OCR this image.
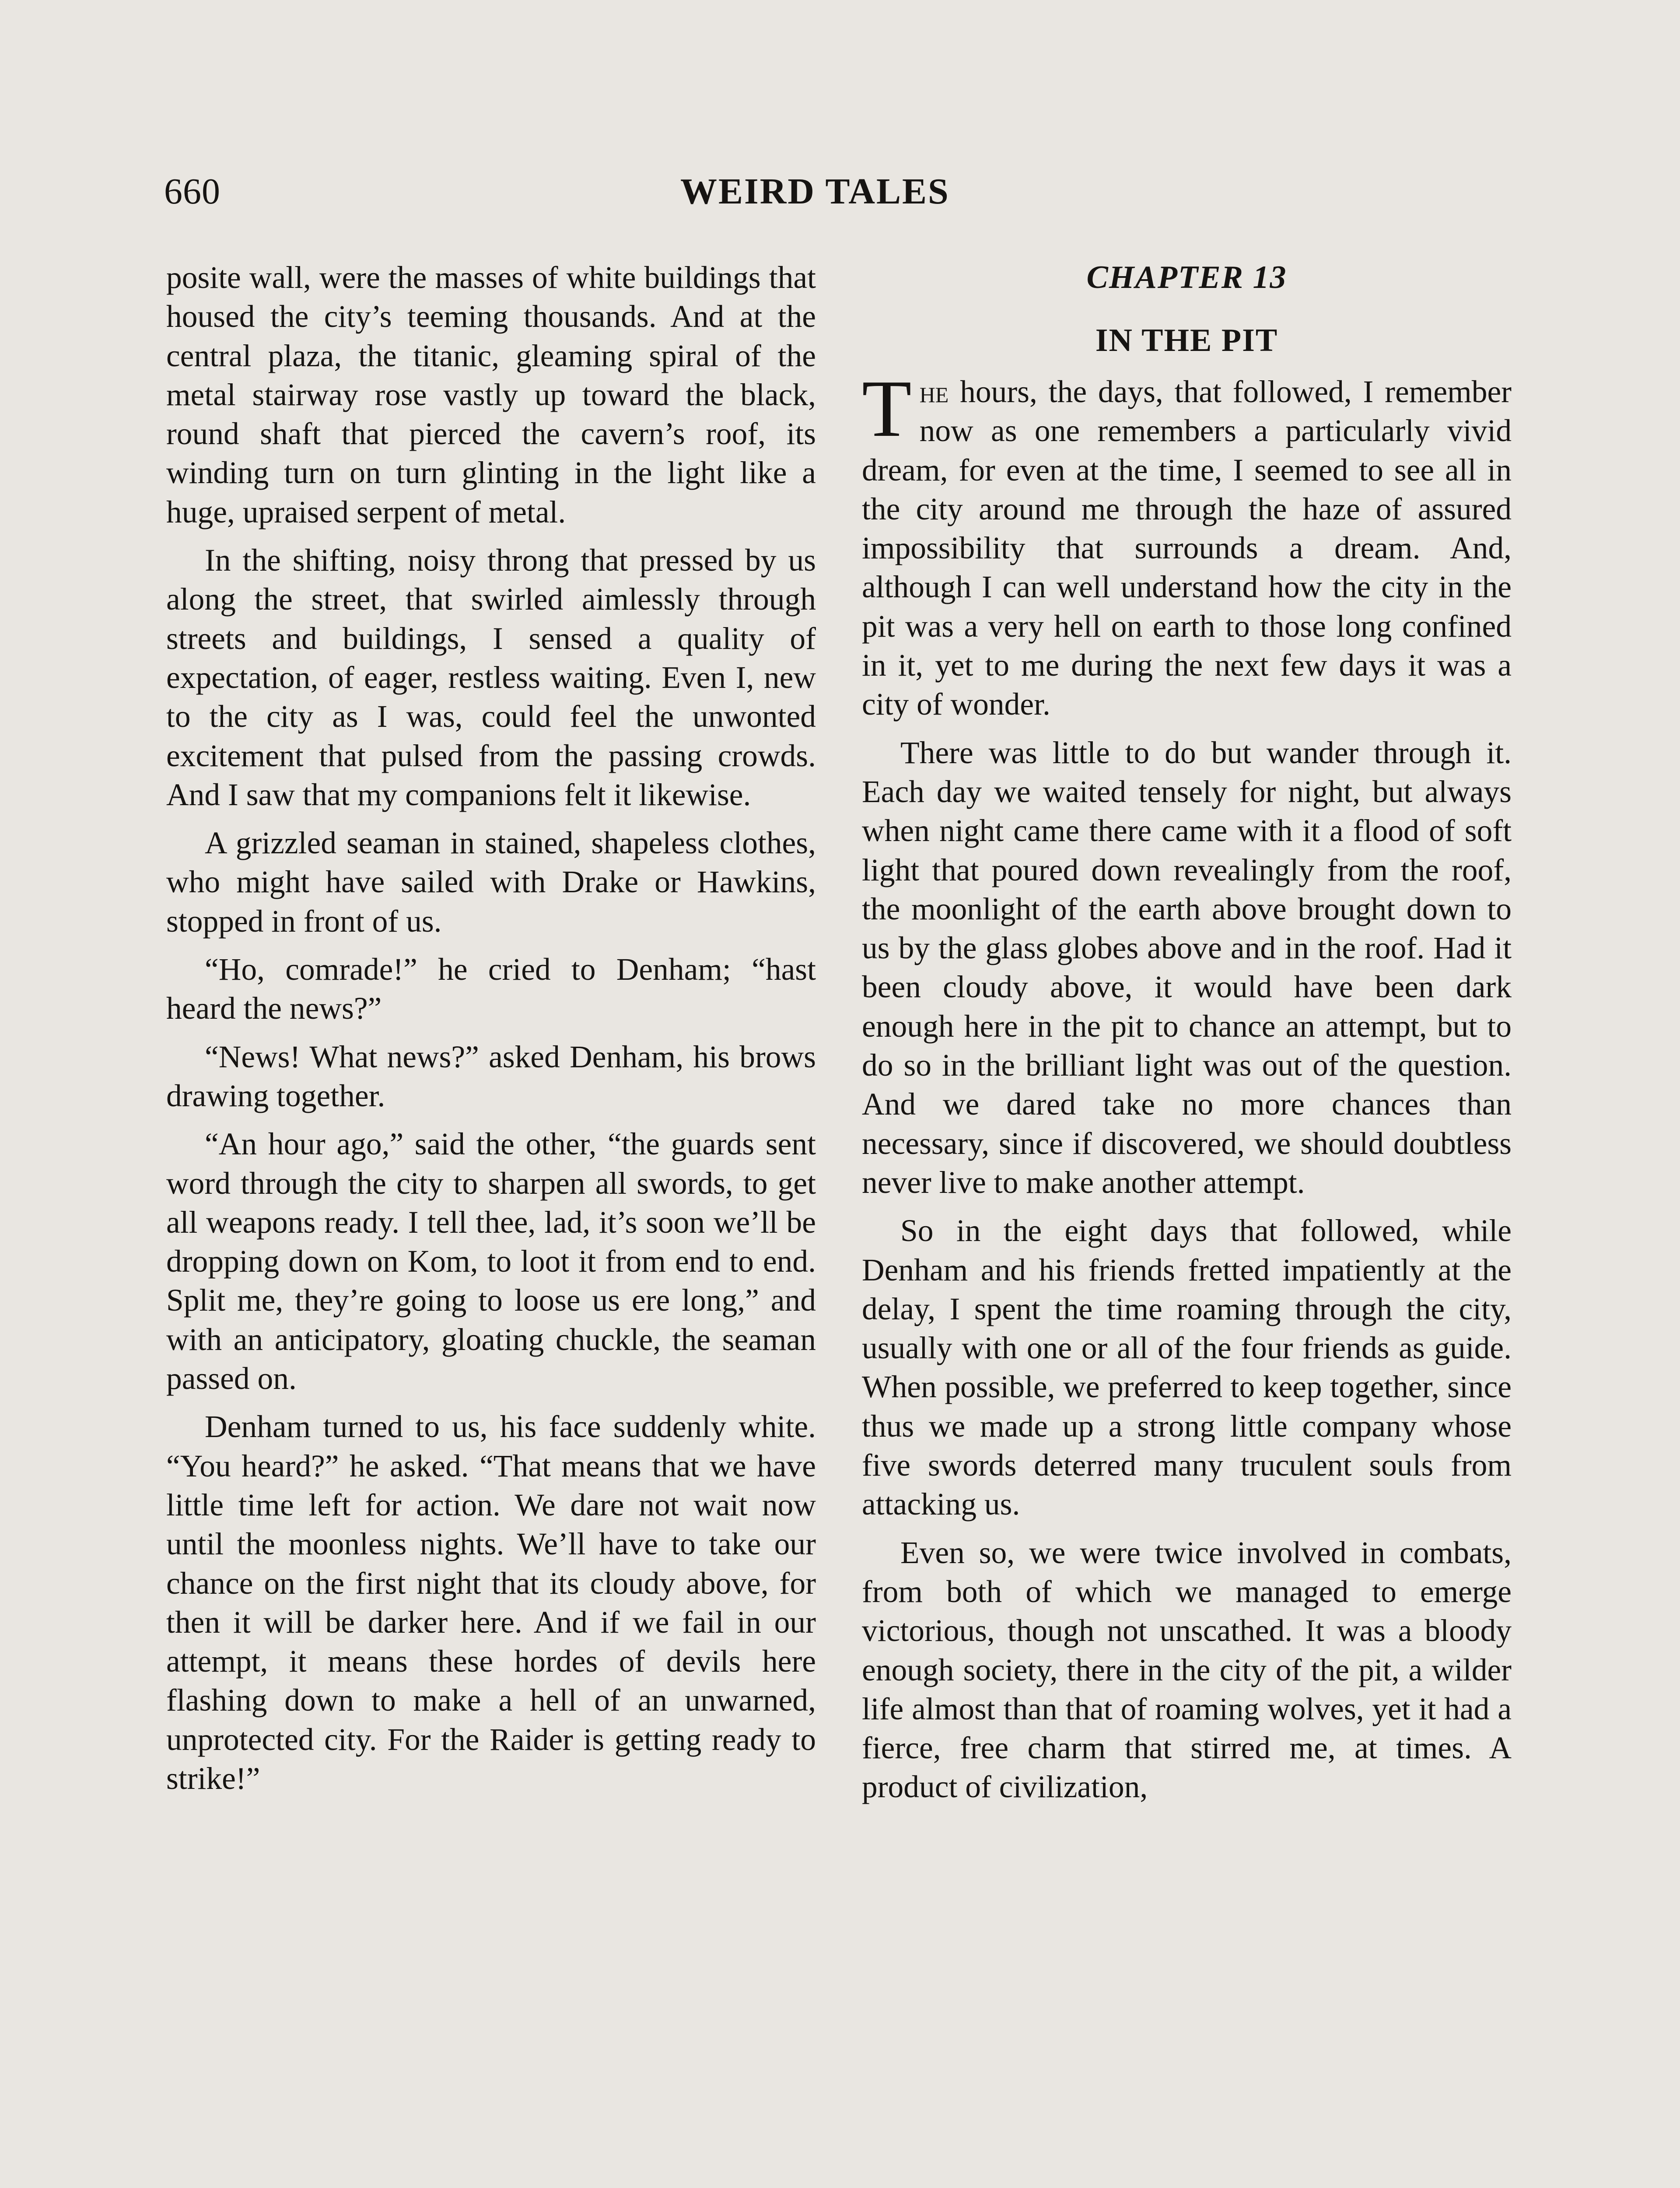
660	WEIRD TALES

posite wall, were the masses of white buildings that housed the city’s teeming thousands. And at the central plaza, the titanic, gleaming spiral of the metal stairway rose vastly up toward the black, round shaft that pierced the cavern’s roof, its winding turn on turn glinting in the light like a huge, upraised serpent of metal.

In the shifting, noisy throng that pressed by us along the street, that swirled aimlessly through streets and buildings, I sensed a quality of expectation, of eager, restless waiting. Even I, new to the city as I was, could feel the unwonted excitement that pulsed from the passing crowds. And I saw that my companions felt it likewise.

A grizzled seaman in stained, shapeless clothes, who might have sailed with Drake or Hawkins, stopped in front of us.

“Ho, comrade!” he cried to Denham; “hast heard the news?”

“News! What news?” asked Denham, his brows drawing together.

“An hour ago,” said the other, “the guards sent word through the city to sharpen all swords, to get all weapons ready. I tell thee, lad, it’s soon we’ll be dropping down on Kom, to loot it from end to end. Split me, they’re going to loose us ere long,” and with an anticipatory, gloating chuckle, the seaman passed on.

Denham turned to us, his face suddenly white. “You heard?” he asked. “That means that we have little time left for action. We dare not wait now until the moonless nights. We’ll have to take our chance on the first night that its cloudy above, for then it will be darker here. And if we fail in our attempt, it means these hordes of devils here flashing down to make a hell of an unwarned, unprotected city. For the Raider is getting ready to strike!”

CHAPTER 13
IN THE PIT

The hours, the days, that followed, I remember now as one remembers a particularly vivid dream, for even at the time, I seemed to see all in the city around me through the haze of assured impossibility that surrounds a dream. And, although I can well understand how the city in the pit was a very hell on earth to those long confined in it, yet to me during the next few days it was a city of wonder.

There was little to do but wander through it. Each day we waited tensely for night, but always when night came there came with it a flood of soft light that poured down revealingly from the roof, the moonlight of the earth above brought down to us by the glass globes above and in the roof. Had it been cloudy above, it would have been dark enough here in the pit to chance an attempt, but to do so in the brilliant light was out of the question. And we dared take no more chances than necessary, since if discovered, we should doubtless never live to make another attempt.

So in the eight days that followed, while Denham and his friends fretted impatiently at the delay, I spent the time roaming through the city, usually with one or all of the four friends as guide. When possible, we preferred to keep together, since thus we made up a strong little company whose five swords deterred many truculent souls from attacking us.

Even so, we were twice involved in combats, from both of which we managed to emerge victorious, though not unscathed. It was a bloody enough society, there in the city of the pit, a wilder life almost than that of roaming wolves, yet it had a fierce, free charm that stirred me, at times. A product of civilization,
